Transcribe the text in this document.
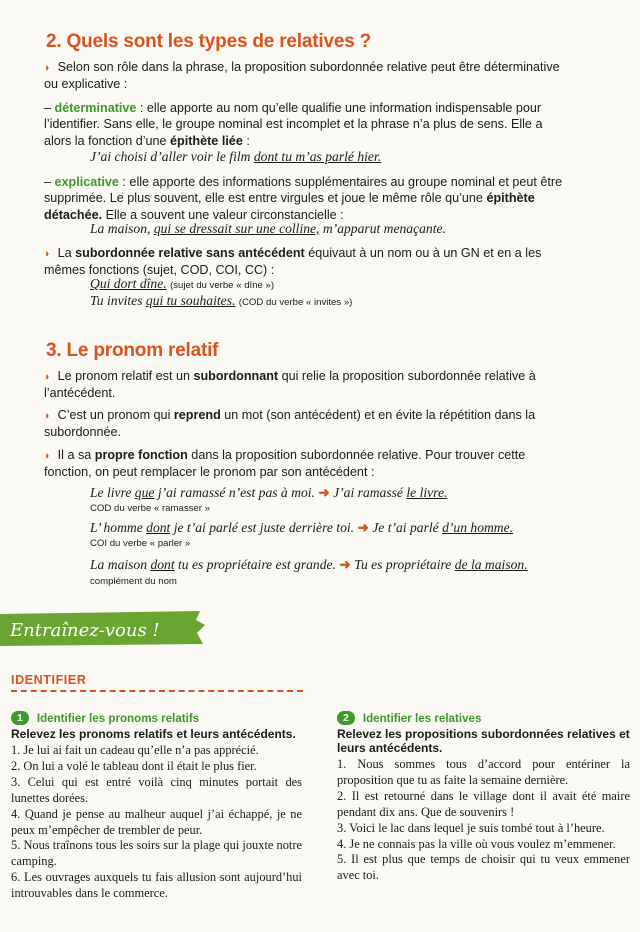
2. Quels sont les types de relatives ?
◗ Selon son rôle dans la phrase, la proposition subordonnée relative peut être déterminative ou explicative :
– déterminative : elle apporte au nom qu’elle qualifie une information indispensable pour l’identifier. Sans elle, le groupe nominal est incomplet et la phrase n’a plus de sens. Elle a alors la fonction d’une épithète liée :
J’ai choisi d’aller voir le film dont tu m’as parlé hier.
– explicative : elle apporte des informations supplémentaires au groupe nominal et peut être supprimée. Le plus souvent, elle est entre virgules et joue le même rôle qu’une épithète détachée. Elle a souvent une valeur circonstancielle :
La maison, qui se dressait sur une colline, m’apparut menaçante.
◗ La subordonnée relative sans antécédent équivaut à un nom ou à un GN et en a les mêmes fonctions (sujet, COD, COI, CC) :
Qui dort dîne. (sujet du verbe « dîne »)
Tu invites qui tu souhaites. (COD du verbe « invites »)
3. Le pronom relatif
◗ Le pronom relatif est un subordonnant qui relie la proposition subordonnée relative à l’antécédent.
◗ C’est un pronom qui reprend un mot (son antécédent) et en évite la répétition dans la subordonnée.
◗ Il a sa propre fonction dans la proposition subordonnée relative. Pour trouver cette fonction, on peut remplacer le pronom par son antécédent :
Le livre que j’ai ramassé n’est pas à moi. ➜ J’ai ramassé le livre.
COD du verbe « ramasser »
L’ homme dont je t’ai parlé est juste derrière toi. ➜ Je t’ai parlé d’un homme.
COI du verbe « parler »
La maison dont tu es propriétaire est grande. ➜ Tu es propriétaire de la maison.
complément du nom
Entraînez-vous !
IDENTIFIER
1	Identifier les pronoms relatifs
Relevez les pronoms relatifs et leurs antécédents.
1. Je lui ai fait un cadeau qu’elle n’a pas apprécié.
2. On lui a volé le tableau dont il était le plus fier.
3. Celui qui est entré voilà cinq minutes portait des lunettes dorées.
4. Quand je pense au malheur auquel j’ai échappé, je ne peux m’empêcher de trembler de peur.
5. Nous traînons tous les soirs sur la plage qui jouxte notre camping.
6. Les ouvrages auxquels tu fais allusion sont aujourd’hui introuvables dans le commerce.
2	Identifier les relatives
Relevez les propositions subordonnées relatives et leurs antécédents.
1. Nous sommes tous d’accord pour entériner la proposition que tu as faite la semaine dernière.
2. Il est retourné dans le village dont il avait été maire pendant dix ans. Que de souvenirs !
3. Voici le lac dans lequel je suis tombé tout à l’heure.
4. Je ne connais pas la ville où vous voulez m’emmener.
5. Il est plus que temps de choisir qui tu veux emmener avec toi.
